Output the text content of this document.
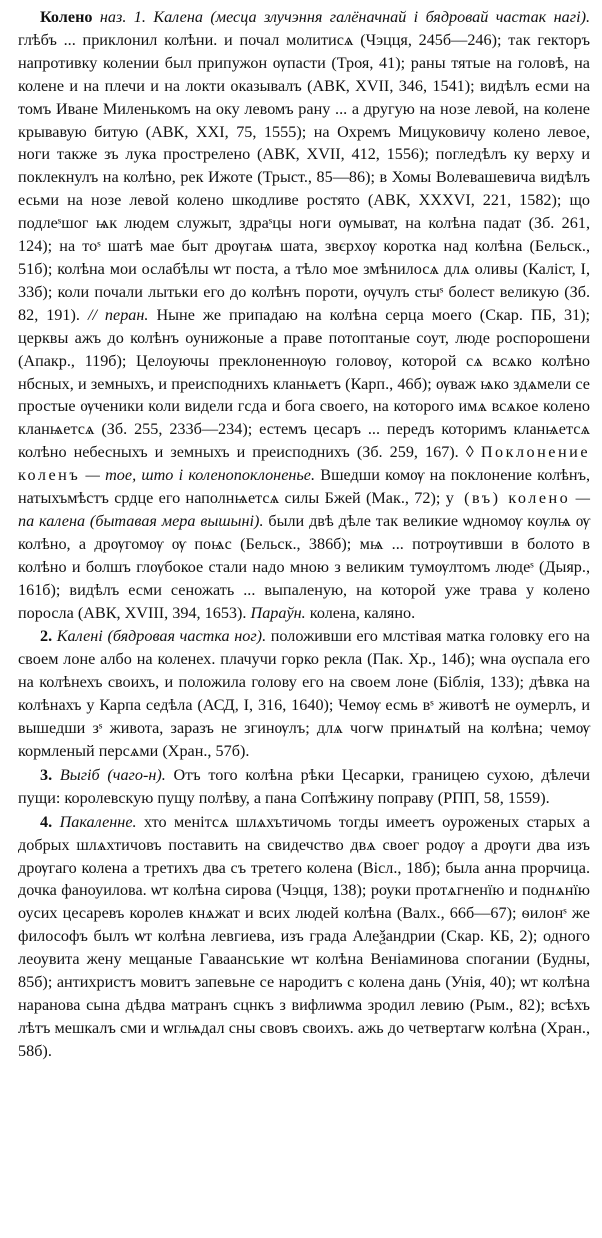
Колено наз. 1. Калена (месца злучэння галёначнай і бядровай частак нагі). глѣбъ ... приклонил колѣни. и почал молитисѧ (Чэцця, 245б—246); так гекторъ напротивку колении был припужон ѹпасти (Троя, 41); раны тятые на головѣ, на колене и на плечи и на локти оказывалъ (АВК, XVII, 346, 1541); видѣлъ есми на томъ Иване Миленькомъ на оку левомъ рану ... а другую на нозе левой, на колене крывавую битую (АВК, XXI, 75, 1555); на Охремъ Мицуковичу колено левое, ноги также зъ лука прострелено (АВК, XVII, 412, 1556); погледѣлъ ку верху и поклекнулъ на колѣно, рек Ижоте (Трыст., 85—86); в Хомы Волевашевича видѣлъ есьми на нозе левой колено шкодливе ростято (АВК, XXXVI, 221, 1582); що подлеˢшог ѩк людем служыт, здраˢцы ноги ѹмыват, на колѣна падат (Зб. 261, 124); на тоˢ шатѣ мае быт дрѹгаѩ шата, звєрхѹ коротка над колѣна (Бельск., 51б); колѣна мои ослабѣлы ѡт поста, а тѣло мое змѣнилосѧ длѧ оливы (Каліст, I, 33б); коли почали лытьки его до колѣнъ пороти, ѹчулъ стыˢ болест великую (Зб. 82, 191). // перан. Ныне же припадаю на колѣна серца моего (Скар. ПБ, 31); церквы ажъ до колѣнъ оунижоные а праве потоптаные соут, люде роспорошени (Апакр., 119б); Целоуючы преклоненнѹю головѹ, которой сѧ всѧко колѣно нбсных, и земныхъ, и преисподнихъ кланѩетъ (Карп., 46б); ѹваж ѩко здѧмели се простые ѹченики коли видели гсда и бога своего, на которого имѧ всѧкое колено кланѩетсѧ (Зб. 255, 233б—234); естемъ цесаръ ... передъ которимъ кланѩетсѧ колѣно небесныхъ и земныхъ и преисподнихъ (Зб. 259, 167). ◊ Поклонение коленъ — тое, што і коленопоклоненье. Вшедши комѹ на поклонение колѣнъ, натыхъмѣстъ срдце его наполнѩетсѧ силы Бжей (Мак., 72); у (въ) колено — па калена (бытавая мера вышыні). были двѣ дѣле так великие ѡдномѹ кѹлѩ ѹ колѣно, а дрѹгомѹ ѹ поѩс (Бельск., 386б); мѩ ... потрѹтивши в болото в колѣно и болшъ глѹбокое стали надо мною з великим тумѹлтомъ людеˢ (Дыяр., 161б); видѣлъ есми сеножать ... выпаленую, на которой уже трава у колено поросла (АВК, XVIII, 394, 1653). Параўн. колена, каляно.

2. Калені (бядровая частка ног). положивши его млстівая матка головку его на своем лоне албо на коленех. плачучи горко рекла (Пак. Хр., 14б); ѡна ѹспала его на колѣнехъ своихъ, и положила голову его на своем лоне (Біблія, 133); дѣвка на колѣнахъ у Карпа седѣла (АСД, I, 316, 1640); Чемѹ есмь вˢ животѣ не оумерлъ, и вышедши зˢ живота, заразъ не згинѹлъ; длѧ чогѡ принѧтый на колѣна; чемѹ кормленый персѧми (Хран., 57б).

3. Выгіб (чаго-н). Отъ того колѣна рѣки Цесарки, границею сухою, дѣлечи пущи: королевскую пущу полѣву, а пана Сопѣжину поправу (РПП, 58, 1559).

4. Пакаленне. хто менітсѧ шлѧхътичомь тогды имеетъ оуроженых старых а добрых шлѧхтичовъ поставить на свидечство двѧ своег родѹ а дрѹги два изъ дрѹгаго колена а третихъ два съ третего колена (Вісл., 18б); была анна прорчица. дочка фаноуилова. ѡт колѣна сирова (Чэцця, 138); роуки протѧгненїю и поднѧнїю оусих цесаревъ королев кнѧжат и всих людей колѣна (Валх., 66б—67); ѳилонˢ же философъ былъ ѡт колѣна левгиева, изъ града Алеѯандрии (Скар. КБ, 2); одного леоувита жену мещаные Гаваанськие ѡт колѣна Веніаминова спогании (Будны, 85б); антихристъ мовитъ запевьне се народитъ с колена дань (Унія, 40); ѡт колѣна наранова сына дѣдва матранъ сцнкъ з вифлиѡма зродил левию (Рым., 82); всѣхъ лѣтъ мешкалъ сми и ѡглѩдал сны свовъ своихъ. ажь до четвертагѡ колѣна (Хран., 58б).
